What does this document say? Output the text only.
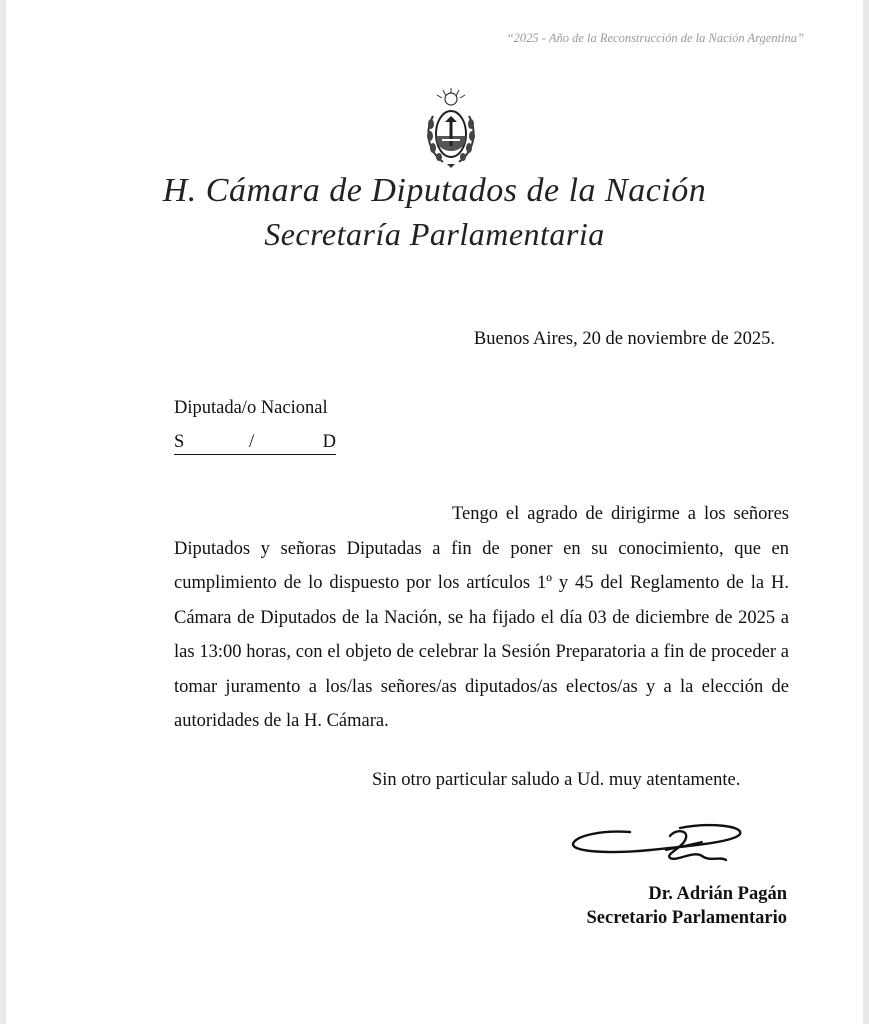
“2025 - Año de la Reconstrucción de la Nación Argentina”
H. Cámara de Diputados de la Nación
Secretaría Parlamentaria
Buenos Aires, 20 de noviembre de 2025.
Diputada/o Nacional
S	/	D

Tengo el agrado de dirigirme a los señores Diputados y señoras Diputadas a fin de poner en su conocimiento, que en cumplimiento de lo dispuesto por los artículos 1º y 45 del Reglamento de la H. Cámara de Diputados de la Nación, se ha fijado el día 03 de diciembre de 2025 a las 13:00 horas, con el objeto de celebrar la Sesión Preparatoria a fin de proceder a tomar juramento a los/las señores/as diputados/as electos/as y a la elección de autoridades de la H. Cámara.

Sin otro particular saludo a Ud. muy atentamente.
Dr. Adrián Pagán
Secretario Parlamentario
